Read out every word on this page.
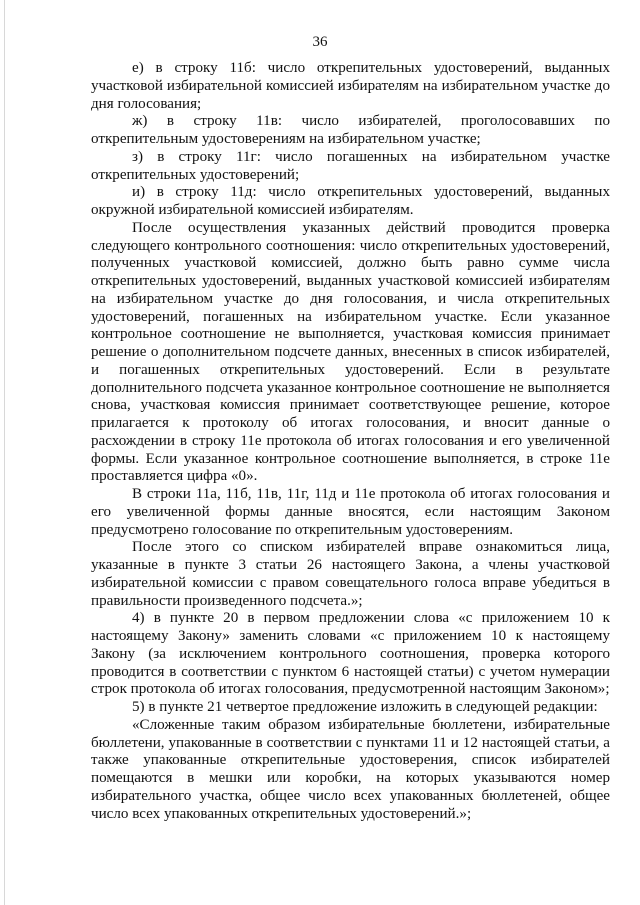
36

е) в строку 11б: число открепительных удостоверений, выданных участковой избирательной комиссией избирателям на избирательном участке до дня голосования;

ж) в строку 11в: число избирателей, проголосовавших по открепительным удостоверениям на избирательном участке;

з) в строку 11г: число погашенных на избирательном участке открепительных удостоверений;

и) в строку 11д: число открепительных удостоверений, выданных окружной избирательной комиссией избирателям.

После осуществления указанных действий проводится проверка следующего контрольного соотношения: число открепительных удостоверений, полученных участковой комиссией, должно быть равно сумме числа открепительных удостоверений, выданных участковой комиссией избирателям на избирательном участке до дня голосования, и числа открепительных удостоверений, погашенных на избирательном участке. Если указанное контрольное соотношение не выполняется, участковая комиссия принимает решение о дополнительном подсчете данных, внесенных в список избирателей, и погашенных открепительных удостоверений. Если в результате дополнительного подсчета указанное контрольное соотношение не выполняется снова, участковая комиссия принимает соответствующее решение, которое прилагается к протоколу об итогах голосования, и вносит данные о расхождении в строку 11е протокола об итогах голосования и его увеличенной формы. Если указанное контрольное соотношение выполняется, в строке 11е проставляется цифра «0».

В строки 11а, 11б, 11в, 11г, 11д и 11е протокола об итогах голосования и его увеличенной формы данные вносятся, если настоящим Законом предусмотрено голосование по открепительным удостоверениям.

После этого со списком избирателей вправе ознакомиться лица, указанные в пункте 3 статьи 26 настоящего Закона, а члены участковой избирательной комиссии с правом совещательного голоса вправе убедиться в правильности произведенного подсчета.»;

4) в пункте 20 в первом предложении слова «с приложением 10 к настоящему Закону» заменить словами «с приложением 10 к настоящему Закону (за исключением контрольного соотношения, проверка которого проводится в соответствии с пунктом 6 настоящей статьи) с учетом нумерации строк протокола об итогах голосования, предусмотренной настоящим Законом»;

5) в пункте 21 четвертое предложение изложить в следующей редакции:

«Сложенные таким образом избирательные бюллетени, избирательные бюллетени, упакованные в соответствии с пунктами 11 и 12 настоящей статьи, а также упакованные открепительные удостоверения, список избирателей помещаются в мешки или коробки, на которых указываются номер избирательного участка, общее число всех упакованных бюллетеней, общее число всех упакованных открепительных удостоверений.»;
